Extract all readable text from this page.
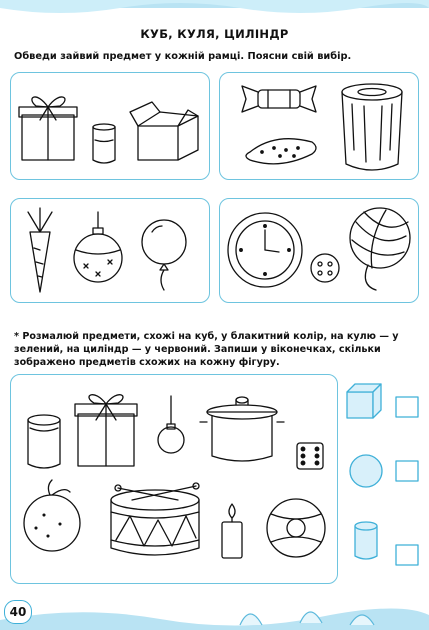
КУБ, КУЛЯ, ЦИЛІНДР
Обведи зайвий предмет у кожній рамці. Поясни свій вибір.
* Розмалюй предмети, схожі на куб, у блакитний колір, на кулю — у зелений, на циліндр — у червоний. Запиши у віконечках, скільки зображено предметів схожих на кожну фігуру.
40
